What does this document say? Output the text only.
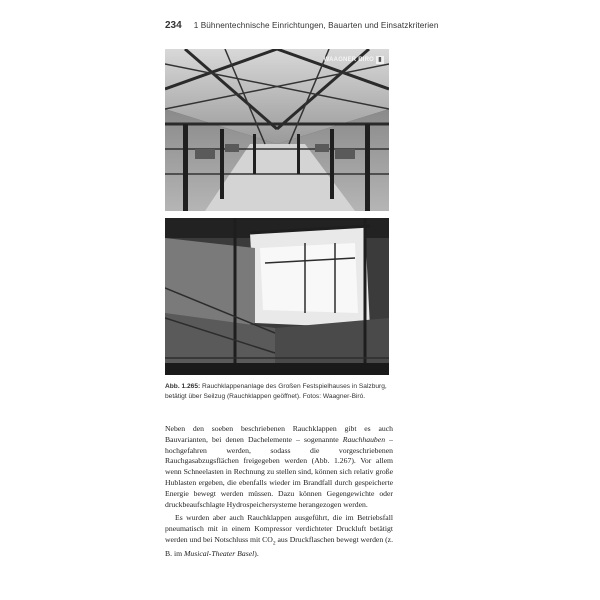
234 1 Bühnentechnische Einrichtungen, Bauarten und Einsatzkriterien
WAAGNER BIRO ▮
Abb. 1.265: Rauchklappenanlage des Großen Festspielhauses in Salzburg, betätigt über Seilzug (Rauchklappen geöffnet). Fotos: Waagner-Biró.

Neben den soeben beschriebenen Rauchklappen gibt es auch Bauvarianten, bei denen Dachelemente – sogenannte Rauchhauben – hochgefahren werden, sodass die vorgeschriebenen Rauchgasabzugsflächen freigegeben werden (Abb. 1.267). Vor allem wenn Schneelasten in Rechnung zu stellen sind, können sich relativ große Hublasten ergeben, die ebenfalls wieder im Brandfall durch gespeicherte Energie bewegt werden müssen. Dazu können Gegengewichte oder druckbeaufschlagte Hydrospeichersysteme herangezogen werden.

Es wurden aber auch Rauchklappen ausgeführt, die im Betriebsfall pneumatisch mit in einem Kompressor verdichteter Druckluft betätigt werden und bei Notschluss mit $CO_2$ aus Druckflaschen bewegt werden (z. B. im Musical-Theater Basel).
